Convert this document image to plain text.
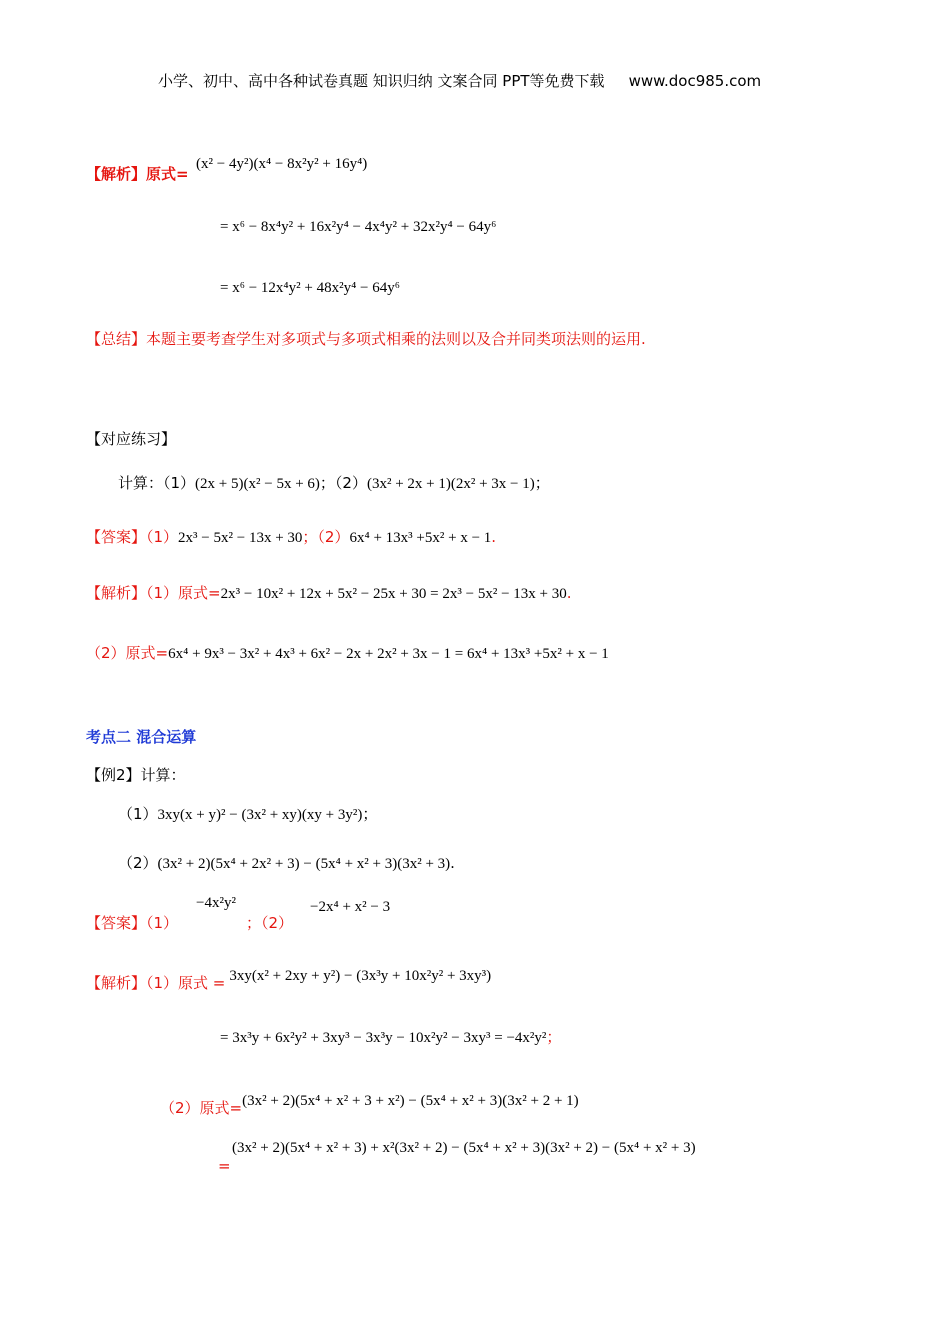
小学、初中、高中各种试卷真题 知识归纳 文案合同 PPT等免费下载 www.doc985.com
【解析】原式=
(x² − 4y²)(x⁴ − 8x²y² + 16y⁴)
= x⁶ − 8x⁴y² + 16x²y⁴ − 4x⁴y² + 32x²y⁴ − 64y⁶
= x⁶ − 12x⁴y² + 48x²y⁴ − 64y⁶
【总结】本题主要考查学生对多项式与多项式相乘的法则以及合并同类项法则的运用.
【对应练习】
计算：（1）(2x + 5)(x² − 5x + 6)；（2）(3x² + 2x + 1)(2x² + 3x − 1)；
【答案】（1）2x³ − 5x² − 13x + 30；（2）6x⁴ + 13x³ +5x² + x − 1.
【解析】（1）原式=2x³ − 10x² + 12x + 5x² − 25x + 30 = 2x³ − 5x² − 13x + 30.
（2）原式=6x⁴ + 9x³ − 3x² + 4x³ + 6x² − 2x + 2x² + 3x − 1 = 6x⁴ + 13x³ +5x² + x − 1
考点二 混合运算
【例2】计算：
（1）3xy(x + y)² − (3x² + xy)(xy + 3y²)；
（2）(3x² + 2)(5x⁴ + 2x² + 3) − (5x⁴ + x² + 3)(3x² + 3).
【答案】（1）
−4x²y²
；（2）
−2x⁴ + x² − 3
【解析】（1）原式 = 3xy(x² + 2xy + y²) − (3x³y + 10x²y² + 3xy³)
= 3x³y + 6x²y² + 3xy³ − 3x³y − 10x²y² − 3xy³ = −4x²y²；
（2）原式=(3x² + 2)(5x⁴ + x² + 3 + x²) − (5x⁴ + x² + 3)(3x² + 2 + 1)
=
(3x² + 2)(5x⁴ + x² + 3) + x²(3x² + 2) − (5x⁴ + x² + 3)(3x² + 2) − (5x⁴ + x² + 3)
